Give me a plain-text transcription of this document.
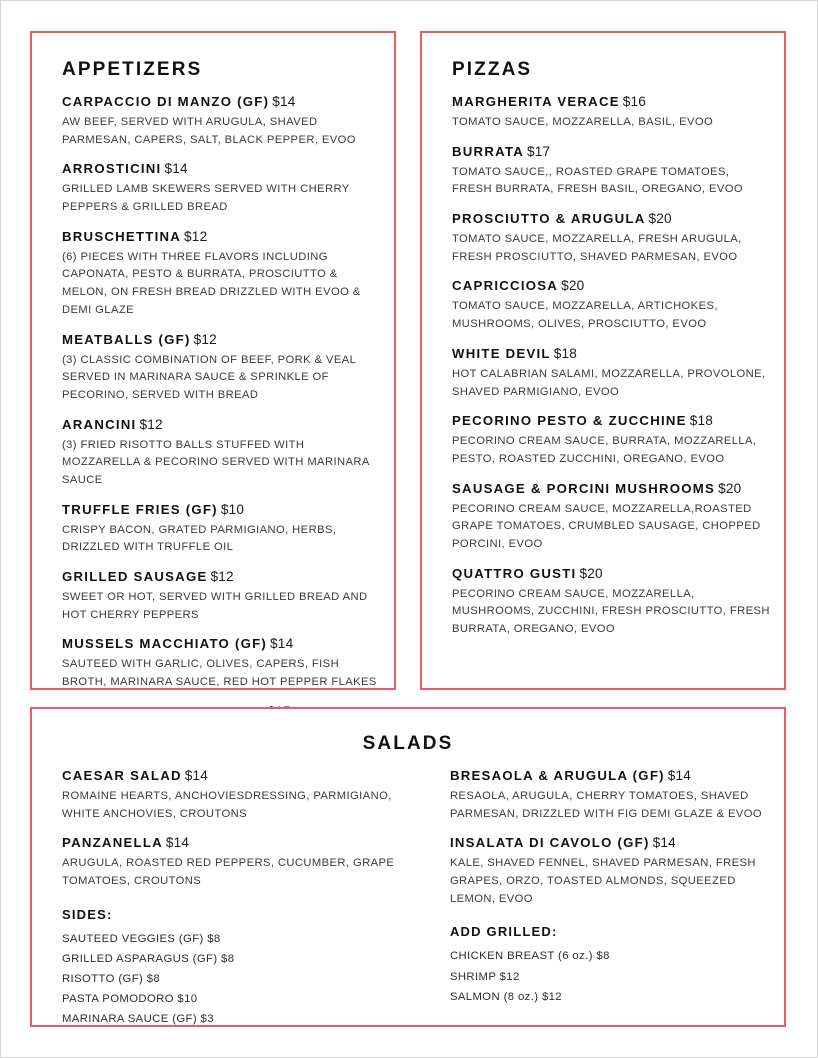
APPETIZERS
CARPACCIO DI MANZO (GF) $14
AW BEEF, SERVED WITH ARUGULA, SHAVED PARMESAN, CAPERS, SALT, BLACK PEPPER, EVOO
ARROSTICINI $14
GRILLED LAMB SKEWERS SERVED WITH CHERRY PEPPERS & GRILLED BREAD
BRUSCHETTINA $12
(6) PIECES WITH THREE FLAVORS INCLUDING CAPONATA, PESTO & BURRATA, PROSCIUTTO & MELON, ON FRESH BREAD DRIZZLED WITH EVOO & DEMI GLAZE
MEATBALLS (GF) $12
(3) CLASSIC COMBINATION OF BEEF, PORK & VEAL SERVED IN MARINARA SAUCE & SPRINKLE OF PECORINO, SERVED WITH BREAD
ARANCINI $12
(3) FRIED RISOTTO BALLS STUFFED WITH MOZZARELLA & PECORINO SERVED WITH MARINARA SAUCE
TRUFFLE FRIES (GF) $10
CRISPY BACON, GRATED PARMIGIANO, HERBS, DRIZZLED WITH TRUFFLE OIL
GRILLED SAUSAGE $12
SWEET OR HOT, SERVED WITH GRILLED BREAD AND HOT CHERRY PEPPERS
MUSSELS MACCHIATO (GF) $14
SAUTEED WITH GARLIC, OLIVES, CAPERS, FISH BROTH, MARINARA SAUCE, RED HOT PEPPER FLAKES
PIZZAS
MARGHERITA VERACE $16
TOMATO SAUCE, MOZZARELLA, BASIL, EVOO
BURRATA $17
TOMATO SAUCE,, ROASTED GRAPE TOMATOES, FRESH BURRATA, FRESH BASIL, OREGANO, EVOO
PROSCIUTTO & ARUGULA $20
TOMATO SAUCE, MOZZARELLA, FRESH ARUGULA, FRESH PROSCIUTTO, SHAVED PARMESAN, EVOO
CAPRICCIOSA $20
TOMATO SAUCE, MOZZARELLA, ARTICHOKES, MUSHROOMS, OLIVES, PROSCIUTTO, EVOO
WHITE DEVIL $18
HOT CALABRIAN SALAMI, MOZZARELLA, PROVOLONE, SHAVED PARMIGIANO, EVOO
PECORINO PESTO & ZUCCHINE $18
PECORINO CREAM SAUCE, BURRATA, MOZZARELLA, PESTO, ROASTED ZUCCHINI, OREGANO, EVOO
SAUSAGE & PORCINI MUSHROOMS $20
PECORINO CREAM SAUCE, MOZZARELLA,ROASTED GRAPE TOMATOES, CRUMBLED SAUSAGE, CHOPPED PORCINI, EVOO
QUATTRO GUSTI $20
PECORINO CREAM SAUCE, MOZZARELLA, MUSHROOMS, ZUCCHINI, FRESH PROSCIUTTO, FRESH BURRATA, OREGANO, EVOO
SALADS
CAESAR SALAD $14
ROMAINE HEARTS, ANCHOVIESDRESSING, PARMIGIANO, WHITE ANCHOVIES, CROUTONS
PANZANELLA $14
ARUGULA, ROASTED RED PEPPERS, CUCUMBER, GRAPE TOMATOES, CROUTONS
SIDES:
SAUTEED VEGGIES (GF) $8
GRILLED ASPARAGUS (GF) $8
RISOTTO (GF) $8
PASTA POMODORO $10
MARINARA SAUCE (GF) $3
BRESAOLA & ARUGULA (GF) $14
RESAOLA, ARUGULA, CHERRY TOMATOES, SHAVED PARMESAN, DRIZZLED WITH FIG DEMI GLAZE & EVOO
INSALATA DI CAVOLO (GF) $14
KALE, SHAVED FENNEL, SHAVED PARMESAN, FRESH GRAPES, ORZO, TOASTED ALMONDS, SQUEEZED LEMON, EVOO
ADD GRILLED:
CHICKEN BREAST (6 oz.) $8
SHRIMP $12
SALMON (8 oz.) $12
